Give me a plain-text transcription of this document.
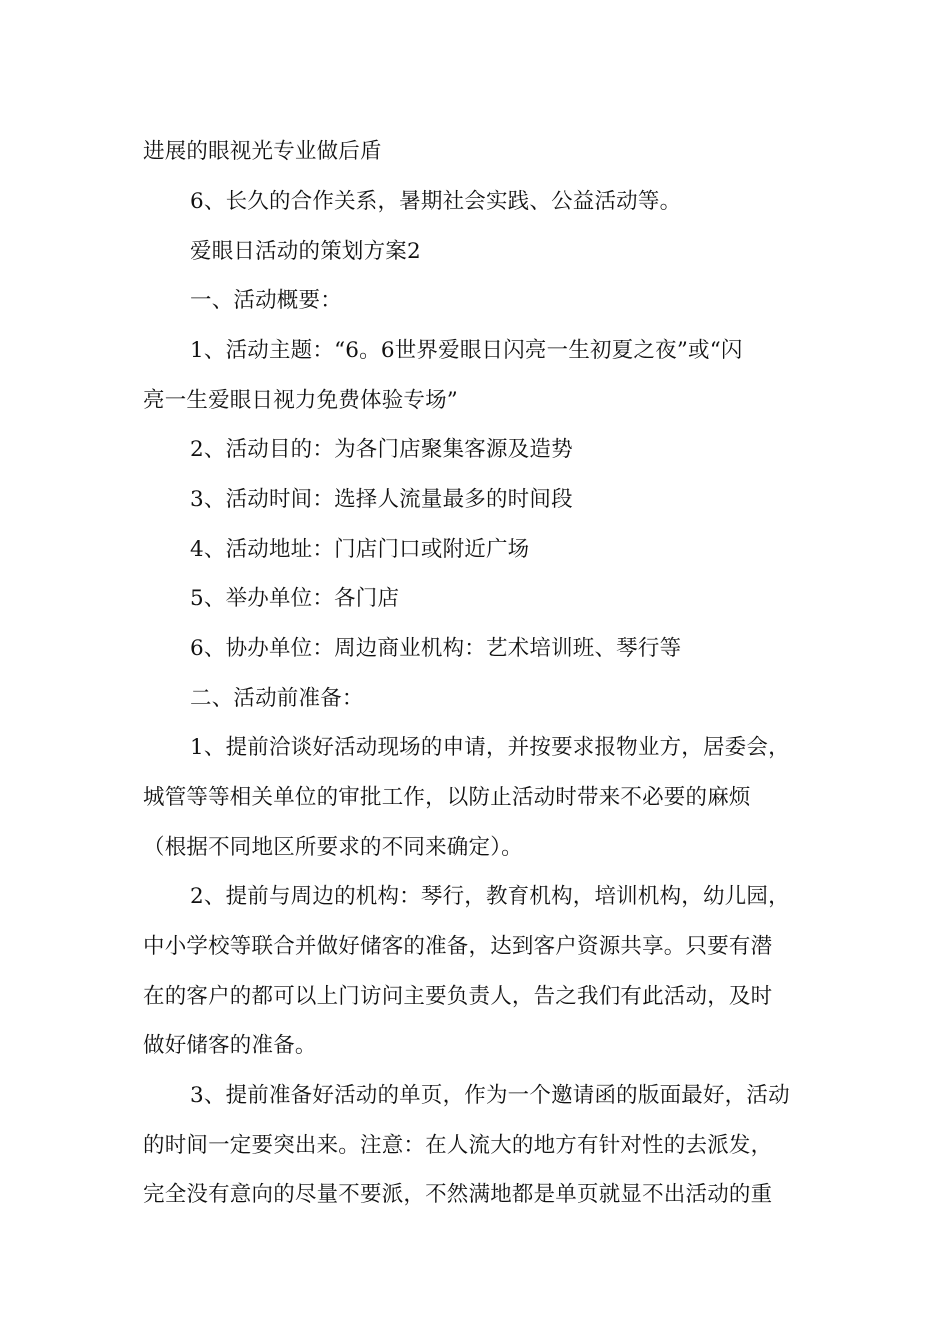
进展的眼视光专业做后盾
6、长久的合作关系，暑期社会实践、公益活动等。
爱眼日活动的策划方案2
一、活动概要：
1、活动主题：“6。6世界爱眼日闪亮一生初夏之夜”或“闪
亮一生爱眼日视力免费体验专场”
2、活动目的：为各门店聚集客源及造势
3、活动时间：选择人流量最多的时间段
4、活动地址：门店门口或附近广场
5、举办单位：各门店
6、协办单位：周边商业机构：艺术培训班、琴行等
二、活动前准备：
1、提前洽谈好活动现场的申请，并按要求报物业方，居委会，
城管等等相关单位的审批工作，以防止活动时带来不必要的麻烦
（根据不同地区所要求的不同来确定）。
2、提前与周边的机构：琴行，教育机构，培训机构，幼儿园，
中小学校等联合并做好储客的准备，达到客户资源共享。只要有潜
在的客户的都可以上门访问主要负责人，告之我们有此活动，及时
做好储客的准备。
3、提前准备好活动的单页，作为一个邀请函的版面最好，活动
的时间一定要突出来。注意：在人流大的地方有针对性的去派发，
完全没有意向的尽量不要派，不然满地都是单页就显不出活动的重
